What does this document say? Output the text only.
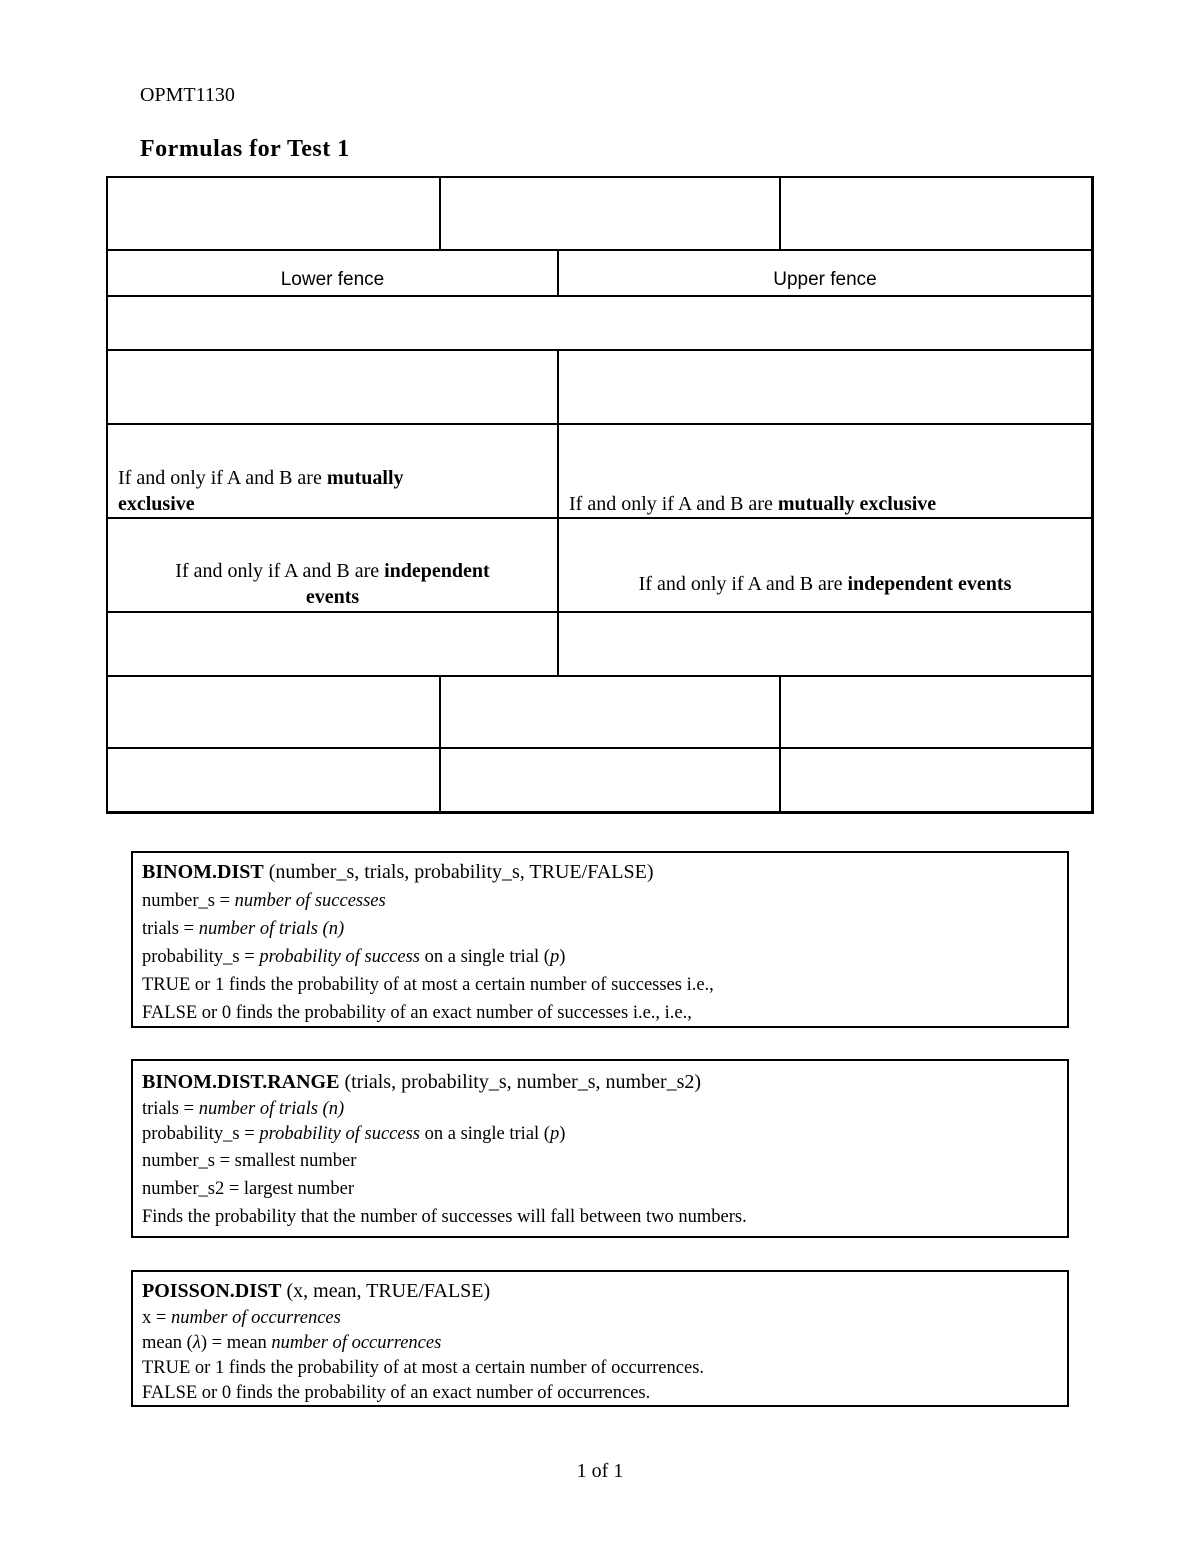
OPMT1130
Formulas for Test 1
Lower fence	Upper fence
If and only if A and B are mutually
exclusive	If and only if A and B are mutually exclusive
If and only if A and B are independent
events
If and only if A and B are independent events
BINOM.DIST (number_s, trials, probability_s, TRUE/FALSE)
number_s = number of successes
trials = number of trials (n)
probability_s = probability of success on a single trial (p)
TRUE or 1 finds the probability of at most a certain number of successes i.e.,
FALSE or 0 finds the probability of an exact number of successes i.e., i.e.,
BINOM.DIST.RANGE (trials, probability_s, number_s, number_s2)
trials = number of trials (n)
probability_s = probability of success on a single trial (p)
number_s = smallest number
number_s2 = largest number
Finds the probability that the number of successes will fall between two numbers.
POISSON.DIST (x, mean, TRUE/FALSE)
x = number of occurrences
mean (λ) = mean number of occurrences
TRUE or 1 finds the probability of at most a certain number of occurrences.
FALSE or 0 finds the probability of an exact number of occurrences.
1 of 1
